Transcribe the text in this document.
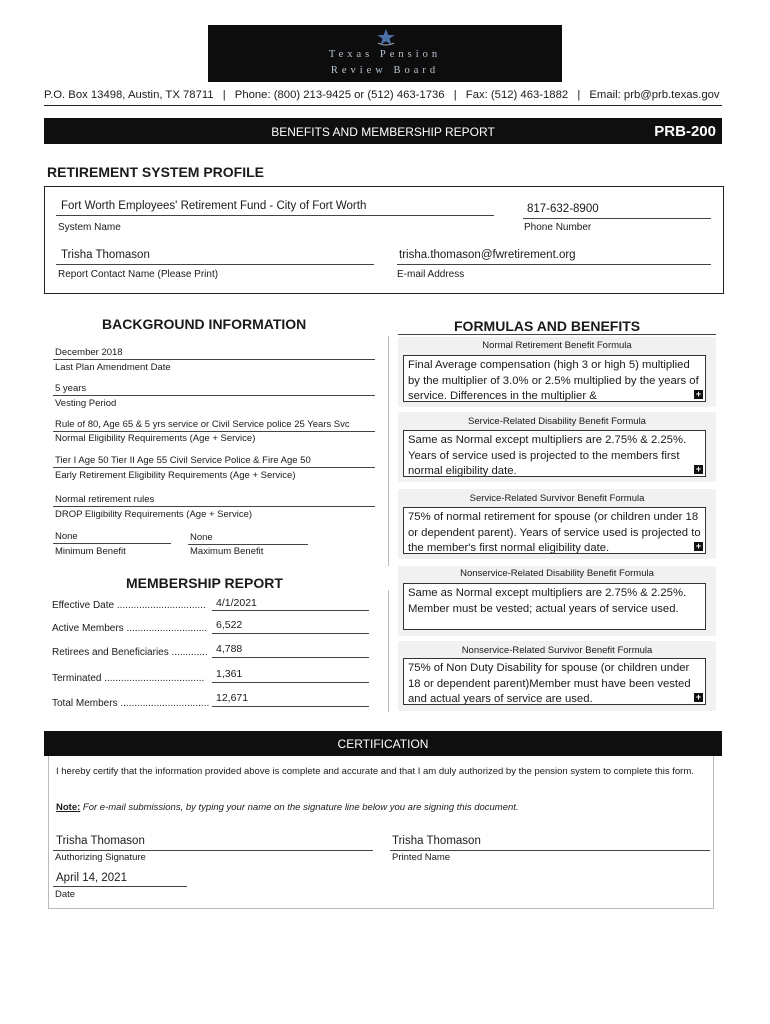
Texas Pension
Review Board
P.O. Box 13498, Austin, TX 78711 | Phone: (800) 213-9425 or (512) 463-1736 | Fax: (512) 463-1882 | Email: prb@prb.texas.gov
BENEFITS AND MEMBERSHIP REPORT	PRB-200
RETIREMENT SYSTEM PROFILE
Fort Worth Employees' Retirement Fund - City of Fort Worth
System Name
817-632-8900
Phone Number
Trisha Thomason
Report Contact Name (Please Print)
trisha.thomason@fwretirement.org
E-mail Address
BACKGROUND INFORMATION
December 2018
Last Plan Amendment Date
5 years
Vesting Period
Rule of 80, Age 65 & 5 yrs service or Civil Service police 25 Years Svc
Normal Eligibility Requirements (Age + Service)
Tier I Age 50 Tier II Age 55 Civil Service Police & Fire Age 50
Early Retirement Eligibility Requirements (Age + Service)
Normal retirement rules
DROP Eligibility Requirements (Age + Service)
None
Minimum Benefit
None
Maximum Benefit
MEMBERSHIP REPORT
Effective Date ................................ 4/1/2021
Active Members ............................. 6,522
Retirees and Beneficiaries ............. 4,788
Terminated .................................... 1,361
Total Members ................................ 12,671
FORMULAS AND BENEFITS
Normal Retirement Benefit Formula
Final Average compensation (high 3 or high 5) multiplied by the multiplier of 3.0% or 2.5% multiplied by the years of service. Differences in the multiplier &	+
Service-Related Disability Benefit Formula
Same as Normal except multipliers are 2.75% & 2.25%. Years of service used is projected to the members first normal eligibility date.	+
Service-Related Survivor Benefit Formula
75% of normal retirement for spouse (or children under 18 or dependent parent). Years of service used is projected to the member's first normal eligibility date.	+
Nonservice-Related Disability Benefit Formula
Same as Normal except multipliers are 2.75% & 2.25%. Member must be vested; actual years of service used.
Nonservice-Related Survivor Benefit Formula
75% of Non Duty Disability for spouse (or children under 18 or dependent parent)Member must have been vested and actual years of service are used.	+
CERTIFICATION
I hereby certify that the information provided above is complete and accurate and that I am duly authorized by the pension system to complete this form.
Note: For e-mail submissions, by typing your name on the signature line below you are signing this document.
Trisha Thomason
Authorizing Signature
Trisha Thomason
Printed Name
April 14, 2021
Date
